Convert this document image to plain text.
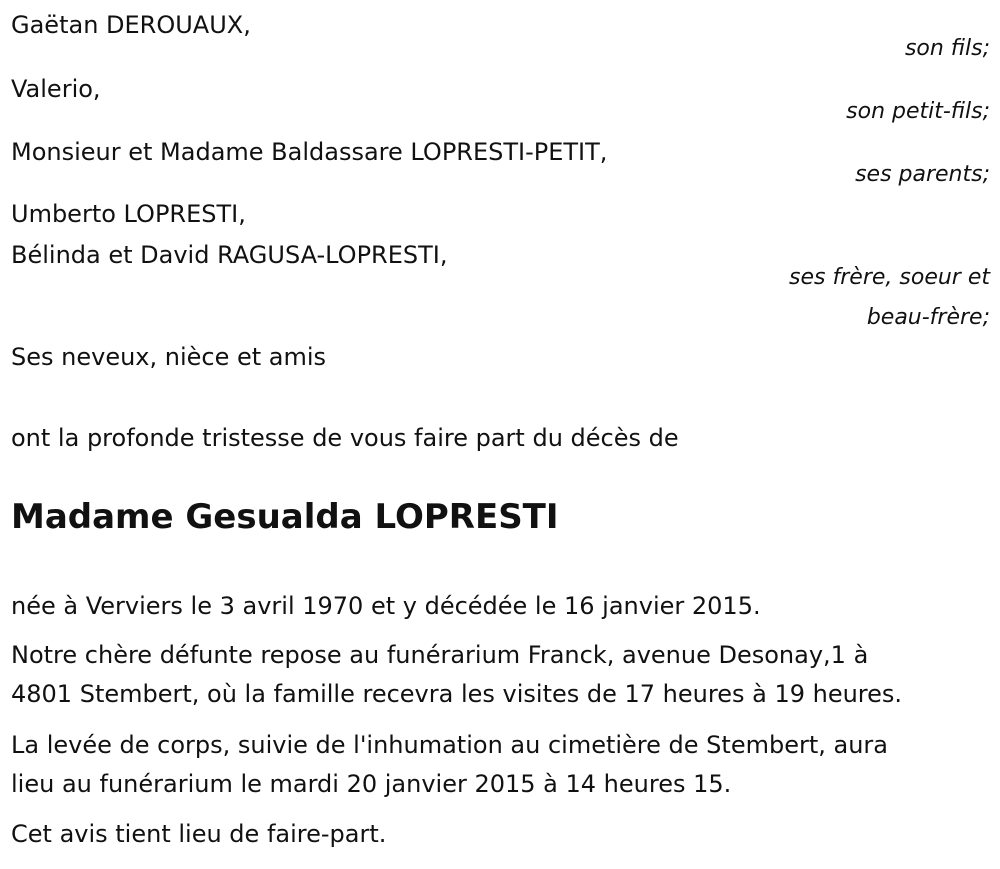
Gaëtan DEROUAUX,

son fils;

Valerio,

son petit-fils;

Monsieur et Madame Baldassare LOPRESTI-PETIT,

ses parents;

Umberto LOPRESTI,

Bélinda et David RAGUSA-LOPRESTI,

ses frère, soeur et

beau-frère;

Ses neveux, nièce et amis

ont la profonde tristesse de vous faire part du décès de

Madame Gesualda LOPRESTI

née à Verviers le 3 avril 1970 et y décédée le 16 janvier 2015.

Notre chère défunte repose au funérarium Franck, avenue Desonay,1 à

4801 Stembert, où la famille recevra les visites de 17 heures à 19 heures.

La levée de corps, suivie de l'inhumation au cimetière de Stembert, aura

lieu au funérarium le mardi 20 janvier 2015 à 14 heures 15.

Cet avis tient lieu de faire-part.
